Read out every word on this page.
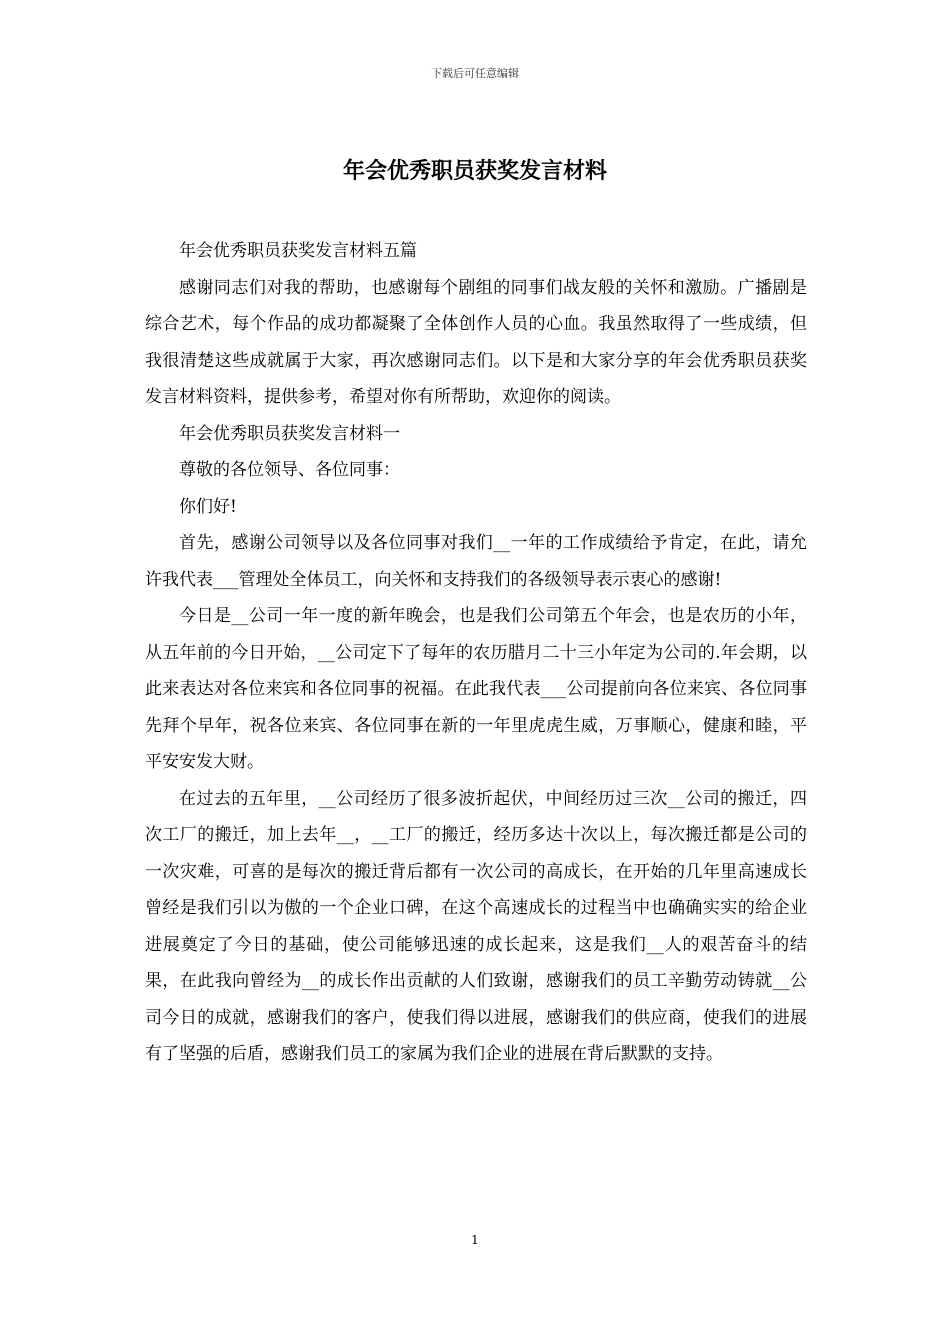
下载后可任意编辑
年会优秀职员获奖发言材料

年会优秀职员获奖发言材料五篇

感谢同志们对我的帮助，也感谢每个剧组的同事们战友般的关怀和激励。广播剧是综合艺术，每个作品的成功都凝聚了全体创作人员的心血。我虽然取得了一些成绩，但我很清楚这些成就属于大家，再次感谢同志们。以下是和大家分享的年会优秀职员获奖发言材料资料，提供参考，希望对你有所帮助，欢迎你的阅读。

年会优秀职员获奖发言材料一

尊敬的各位领导、各位同事：

你们好!

首先，感谢公司领导以及各位同事对我们__一年的工作成绩给予肯定，在此，请允许我代表___管理处全体员工，向关怀和支持我们的各级领导表示衷心的感谢!

今日是__公司一年一度的新年晚会，也是我们公司第五个年会，也是农历的小年，从五年前的今日开始，__公司定下了每年的农历腊月二十三小年定为公司的.年会期，以此来表达对各位来宾和各位同事的祝福。在此我代表___公司提前向各位来宾、各位同事先拜个早年，祝各位来宾、各位同事在新的一年里虎虎生威，万事顺心，健康和睦，平平安安发大财。

在过去的五年里，__公司经历了很多波折起伏，中间经历过三次__公司的搬迁，四次工厂的搬迁，加上去年__，__工厂的搬迁，经历多达十次以上，每次搬迁都是公司的一次灾难，可喜的是每次的搬迁背后都有一次公司的高成长，在开始的几年里高速成长曾经是我们引以为傲的一个企业口碑，在这个高速成长的过程当中也确确实实的给企业进展奠定了今日的基础，使公司能够迅速的成长起来，这是我们__人的艰苦奋斗的结果，在此我向曾经为__的成长作出贡献的人们致谢，感谢我们的员工辛勤劳动铸就__公司今日的成就，感谢我们的客户，使我们得以进展，感谢我们的供应商，使我们的进展有了坚强的后盾，感谢我们员工的家属为我们企业的进展在背后默默的支持。

1
